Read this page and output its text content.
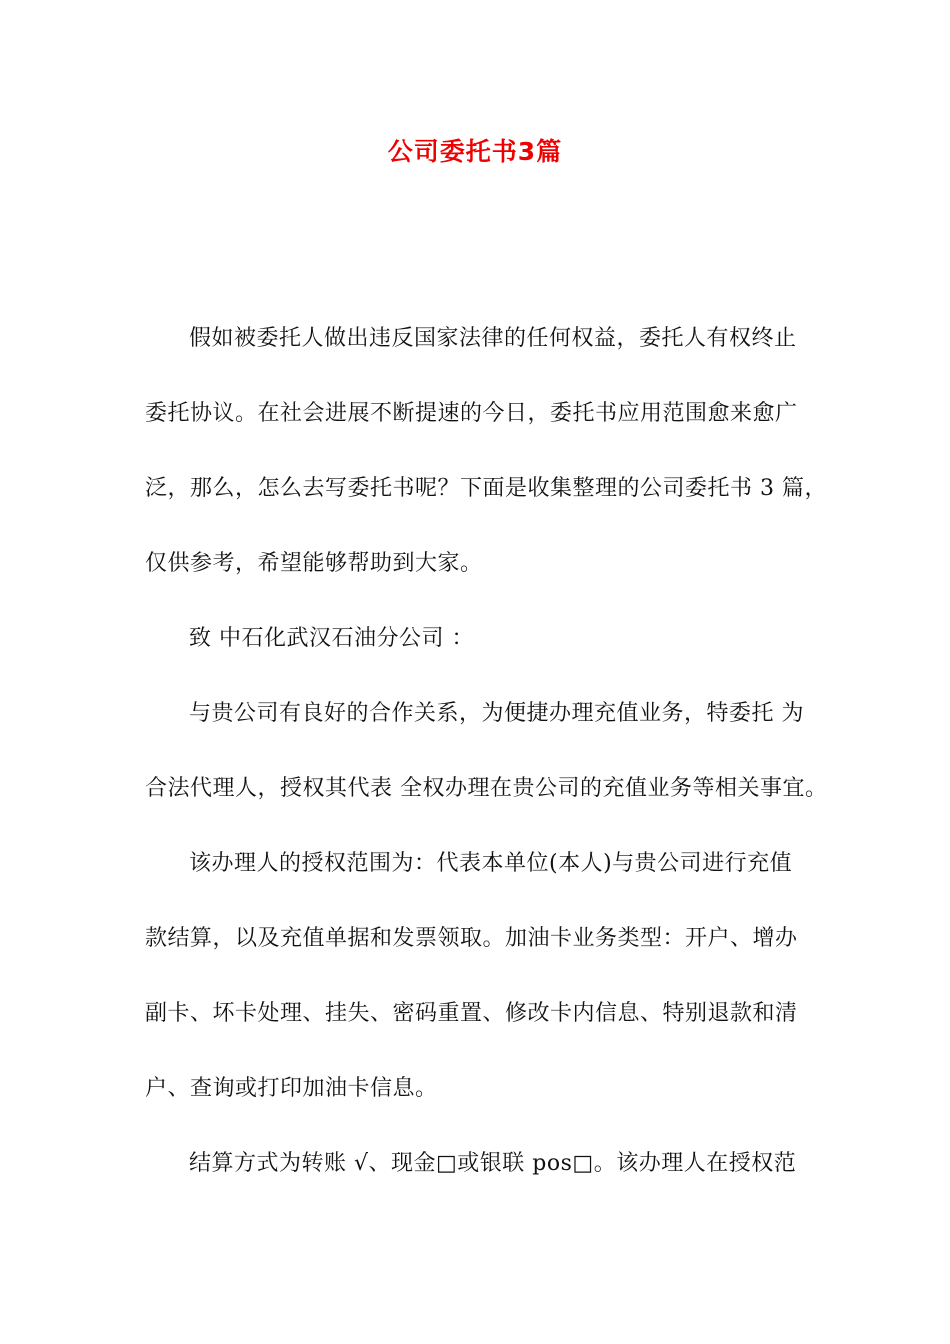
公司委托书3篇
假如被委托人做出违反国家法律的任何权益，委托人有权终止
委托协议。在社会进展不断提速的今日，委托书应用范围愈来愈广
泛，那么，怎么去写委托书呢？下面是收集整理的公司委托书 3 篇，
仅供参考，希望能够帮助到大家。
致 中石化武汉石油分公司 ：
与贵公司有良好的合作关系，为便捷办理充值业务，特委托 为
合法代理人，授权其代表 全权办理在贵公司的充值业务等相关事宜。
该办理人的授权范围为：代表本单位(本人)与贵公司进行充值
款结算，以及充值单据和发票领取。加油卡业务类型：开户、增办
副卡、坏卡处理、挂失、密码重置、修改卡内信息、特别退款和清
户、查询或打印加油卡信息。
结算方式为转账 √、现金□或银联 pos□。该办理人在授权范
